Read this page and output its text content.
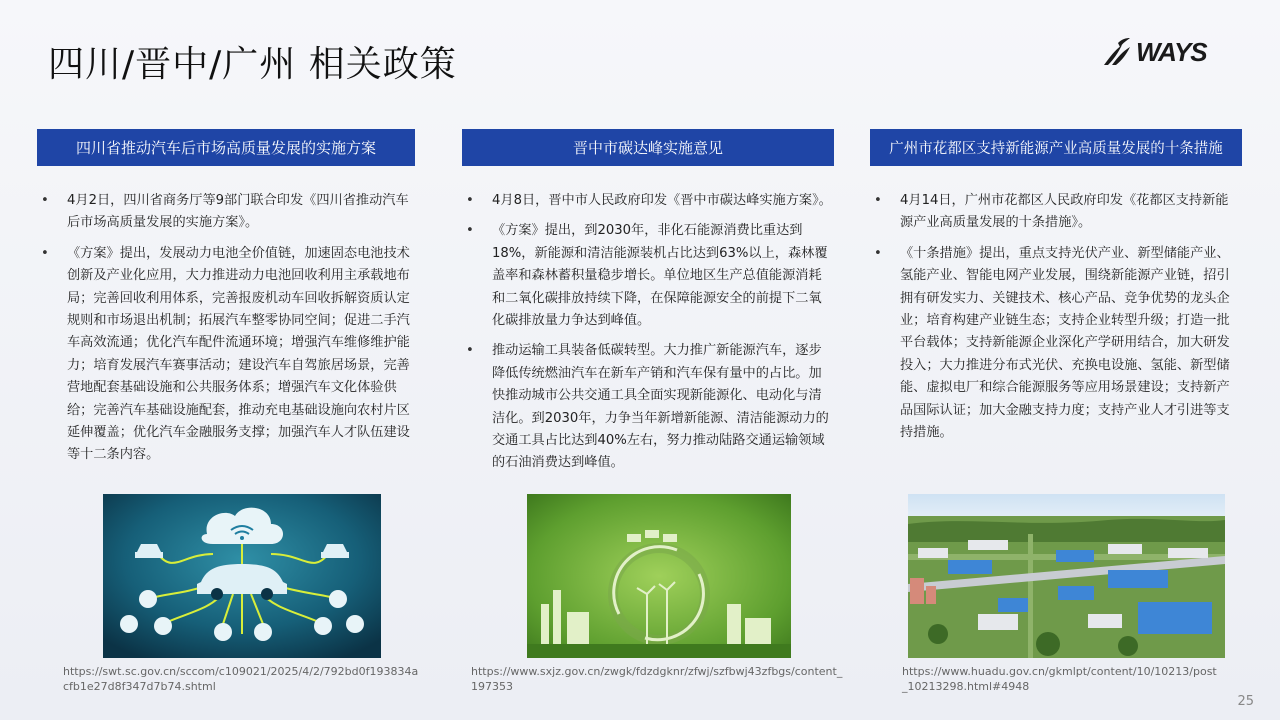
四川/晋中/广州 相关政策	WAYS
四川省推动汽车后市场高质量发展的实施方案
• 4月2日，四川省商务厅等9部门联合印发《四川省推动汽车后市场高质量发展的实施方案》。
• 《方案》提出，发展动力电池全价值链，加速固态电池技术创新及产业化应用，大力推进动力电池回收利用主承载地布局；完善回收利用体系，完善报废机动车回收拆解资质认定规则和市场退出机制；拓展汽车整零协同空间；促进二手汽车高效流通；优化汽车配件流通环境；增强汽车维修维护能力；培育发展汽车赛事活动；建设汽车自驾旅居场景，完善营地配套基础设施和公共服务体系；增强汽车文化体验供给；完善汽车基础设施配套，推动充电基础设施向农村片区延伸覆盖；优化汽车金融服务支撑；加强汽车人才队伍建设等十二条内容。
https://swt.sc.gov.cn/sccom/c109021/2025/4/2/792bd0f193834acfb1e27d8f347d7b74.shtml
晋中市碳达峰实施意见
• 4月8日，晋中市人民政府印发《晋中市碳达峰实施方案》。
• 《方案》提出，到2030年，非化石能源消费比重达到18%，新能源和清洁能源装机占比达到63%以上，森林覆盖率和森林蓄积量稳步增长。单位地区生产总值能源消耗和二氧化碳排放持续下降，在保障能源安全的前提下二氧化碳排放量力争达到峰值。
• 推动运输工具装备低碳转型。大力推广新能源汽车，逐步降低传统燃油汽车在新车产销和汽车保有量中的占比。加快推动城市公共交通工具全面实现新能源化、电动化与清洁化。到2030年，力争当年新增新能源、清洁能源动力的交通工具占比达到40%左右，努力推动陆路交通运输领域的石油消费达到峰值。
https://www.sxjz.gov.cn/zwgk/fdzdgknr/zfwj/szfbwj43zfbgs/content_197353
广州市花都区支持新能源产业高质量发展的十条措施
• 4月14日，广州市花都区人民政府印发《花都区支持新能源产业高质量发展的十条措施》。
• 《十条措施》提出，重点支持光伏产业、新型储能产业、氢能产业、智能电网产业发展，围绕新能源产业链，招引拥有研发实力、关键技术、核心产品、竞争优势的龙头企业；培育构建产业链生态；支持企业转型升级；打造一批平台载体；支持新能源企业深化产学研用结合，加大研发投入；大力推进分布式光伏、充换电设施、氢能、新型储能、虚拟电厂和综合能源服务等应用场景建设；支持新产品国际认证；加大金融支持力度；支持产业人才引进等支持措施。
https://www.huadu.gov.cn/gkmlpt/content/10/10213/post_10213298.html#4948
25
